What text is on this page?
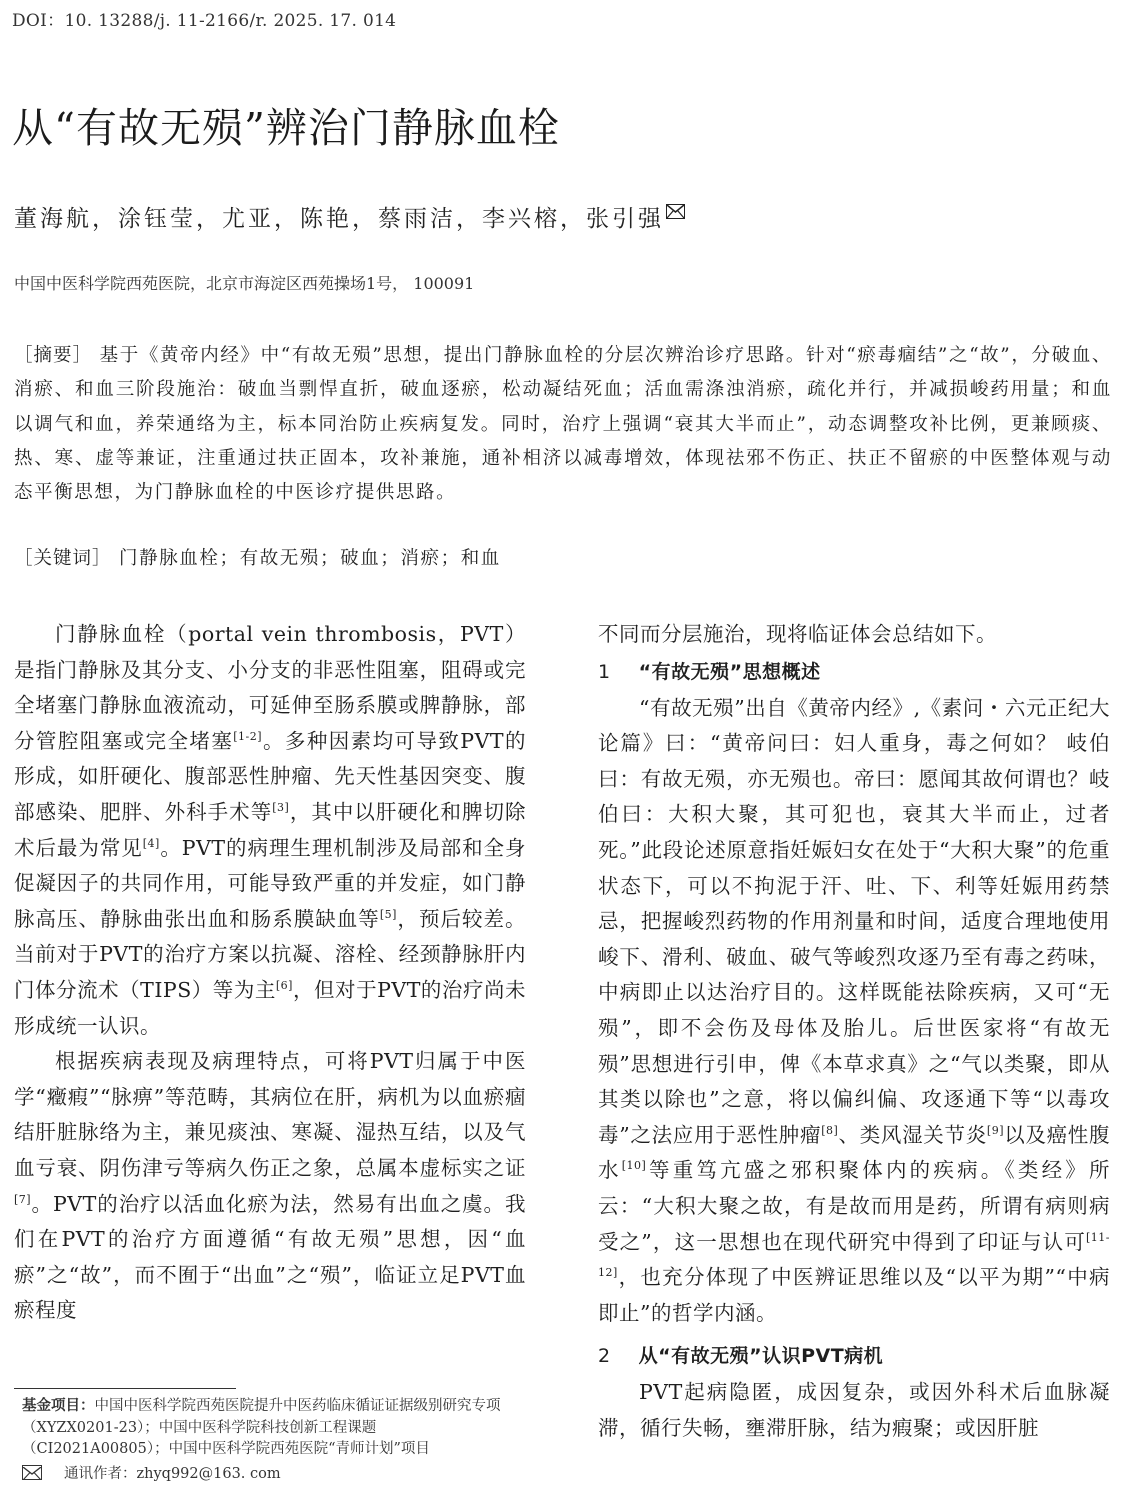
DOI：10. 13288/j. 11-2166/r. 2025. 17. 014
从“有故无殒”辨治门静脉血栓
董海航，涂钰莹，尤亚，陈艳，蔡雨洁，李兴榕，张引强
中国中医科学院西苑医院，北京市海淀区西苑操场1号， 100091
［摘要］ 基于《黄帝内经》中“有故无殒”思想，提出门静脉血栓的分层次辨治诊疗思路。针对“瘀毒痼结”之“故”，分破血、消瘀、和血三阶段施治：破血当剽悍直折，破血逐瘀，松动凝结死血；活血需涤浊消瘀，疏化并行，并减损峻药用量；和血以调气和血，养荣通络为主，标本同治防止疾病复发。同时，治疗上强调“衰其大半而止”，动态调整攻补比例，更兼顾痰、热、寒、虚等兼证，注重通过扶正固本，攻补兼施，通补相济以减毒增效，体现祛邪不伤正、扶正不留瘀的中医整体观与动态平衡思想，为门静脉血栓的中医诊疗提供思路。
［关键词］ 门静脉血栓；有故无殒；破血；消瘀；和血

门静脉血栓（portal vein thrombosis，PVT）是指门静脉及其分支、小分支的非恶性阻塞，阻碍或完全堵塞门静脉血液流动，可延伸至肠系膜或脾静脉，部分管腔阻塞或完全堵塞[1-2]。多种因素均可导致PVT的形成，如肝硬化、腹部恶性肿瘤、先天性基因突变、腹部感染、肥胖、外科手术等[3]，其中以肝硬化和脾切除术后最为常见[4]。PVT的病理生理机制涉及局部和全身促凝因子的共同作用，可能导致严重的并发症，如门静脉高压、静脉曲张出血和肠系膜缺血等[5]，预后较差。当前对于PVT的治疗方案以抗凝、溶栓、经颈静脉肝内门体分流术（TIPS）等为主[6]，但对于PVT的治疗尚未形成统一认识。

根据疾病表现及病理特点，可将PVT归属于中医学“癥瘕”“脉痹”等范畴，其病位在肝，病机为以血瘀痼结肝脏脉络为主，兼见痰浊、寒凝、湿热互结，以及气血亏衰、阴伤津亏等病久伤正之象，总属本虚标实之证[7]。PVT的治疗以活血化瘀为法，然易有出血之虞。我们在PVT的治疗方面遵循“有故无殒”思想，因“血瘀”之“故”，而不囿于“出血”之“殒”，临证立足PVT血瘀程度

不同而分层施治，现将临证体会总结如下。

1 “有故无殒”思想概述

“有故无殒”出自《黄帝内经》,《素问・六元正纪大论篇》曰：“黄帝问曰：妇人重身，毒之何如？ 岐伯曰：有故无殒，亦无殒也。帝曰：愿闻其故何谓也？岐伯曰：大积大聚，其可犯也，衰其大半而止，过者死。”此段论述原意指妊娠妇女在处于“大积大聚”的危重状态下，可以不拘泥于汗、吐、下、利等妊娠用药禁忌，把握峻烈药物的作用剂量和时间，适度合理地使用峻下、滑利、破血、破气等峻烈攻逐乃至有毒之药味，中病即止以达治疗目的。这样既能祛除疾病，又可“无殒”，即不会伤及母体及胎儿。后世医家将“有故无殒”思想进行引申，俾《本草求真》之“气以类聚，即从其类以除也”之意，将以偏纠偏、攻逐通下等“以毒攻毒”之法应用于恶性肿瘤[8]、类风湿关节炎[9]以及癌性腹水[10]等重笃亢盛之邪积聚体内的疾病。《类经》所云：“大积大聚之故，有是故而用是药，所谓有病则病受之”，这一思想也在现代研究中得到了印证与认可[11-12]，也充分体现了中医辨证思维以及“以平为期”“中病即止”的哲学内涵。

2 从“有故无殒”认识PVT病机

PVT起病隐匿，成因复杂，或因外科术后血脉凝滞，循行失畅，壅滞肝脉，结为瘕聚；或因肝脏

基金项目：中国中医科学院西苑医院提升中医药临床循证证据级别研究专项（XYZX0201-23）；中国中医科学院科技创新工程课题（CI2021A00805）；中国中医科学院西苑医院“青师计划”项目
通讯作者：zhyq992@163. com
